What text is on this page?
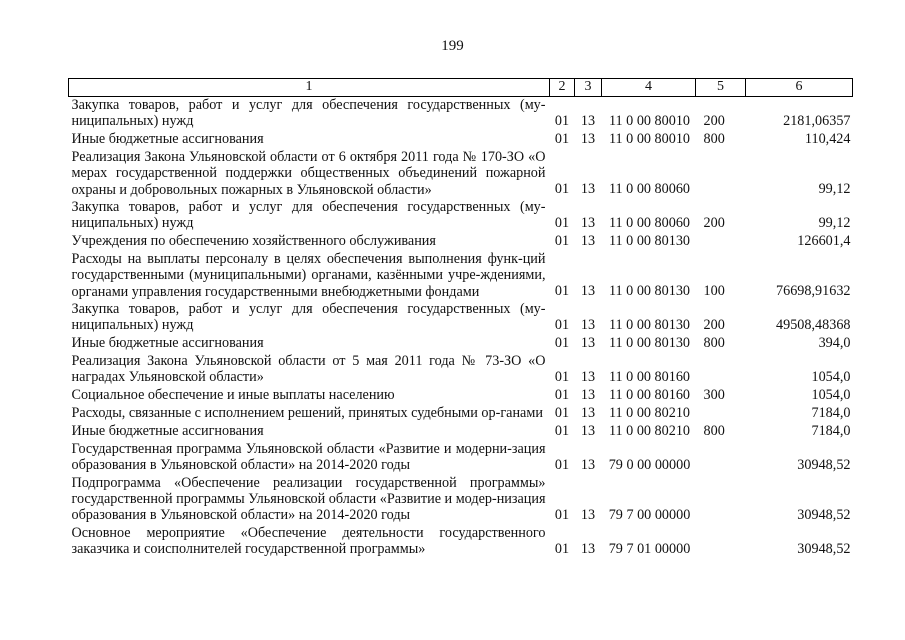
199
1	2	3	4	5	6
Закупка товаров, работ и услуг для обеспечения государственных (му-ниципальных) нужд	01	13	11 0 00 80010	200	2181,06357
Иные бюджетные ассигнования	01	13	11 0 00 80010	800	110,424
Реализация Закона Ульяновской области от 6 октября 2011 года № 170-ЗО «О мерах государственной поддержки общественных объединений пожарной охраны и добровольных пожарных в Ульяновской области»	01	13	11 0 00 80060		99,12
Закупка товаров, работ и услуг для обеспечения государственных (му-ниципальных) нужд	01	13	11 0 00 80060	200	99,12
Учреждения по обеспечению хозяйственного обслуживания	01	13	11 0 00 80130		126601,4
Расходы на выплаты персоналу в целях обеспечения выполнения функ-ций государственными (муниципальными) органами, казёнными учре-ждениями, органами управления государственными внебюджетными фондами	01	13	11 0 00 80130	100	76698,91632
Закупка товаров, работ и услуг для обеспечения государственных (му-ниципальных) нужд	01	13	11 0 00 80130	200	49508,48368
Иные бюджетные ассигнования	01	13	11 0 00 80130	800	394,0
Реализация Закона Ульяновской области от 5 мая 2011 года № 73-ЗО «О наградах Ульяновской области»	01	13	11 0 00 80160		1054,0
Социальное обеспечение и иные выплаты населению	01	13	11 0 00 80160	300	1054,0
Расходы, связанные с исполнением решений, принятых судебными ор-ганами	01	13	11 0 00 80210		7184,0
Иные бюджетные ассигнования	01	13	11 0 00 80210	800	7184,0
Государственная программа Ульяновской области «Развитие и модерни-зация образования в Ульяновской области» на 2014-2020 годы	01	13	79 0 00 00000		30948,52
Подпрограмма «Обеспечение реализации государственной программы» государственной программы Ульяновской области «Развитие и модер-низация образования в Ульяновской области» на 2014-2020 годы	01	13	79 7 00 00000		30948,52
Основное мероприятие «Обеспечение деятельности государственного заказчика и соисполнителей государственной программы»	01	13	79 7 01 00000		30948,52
